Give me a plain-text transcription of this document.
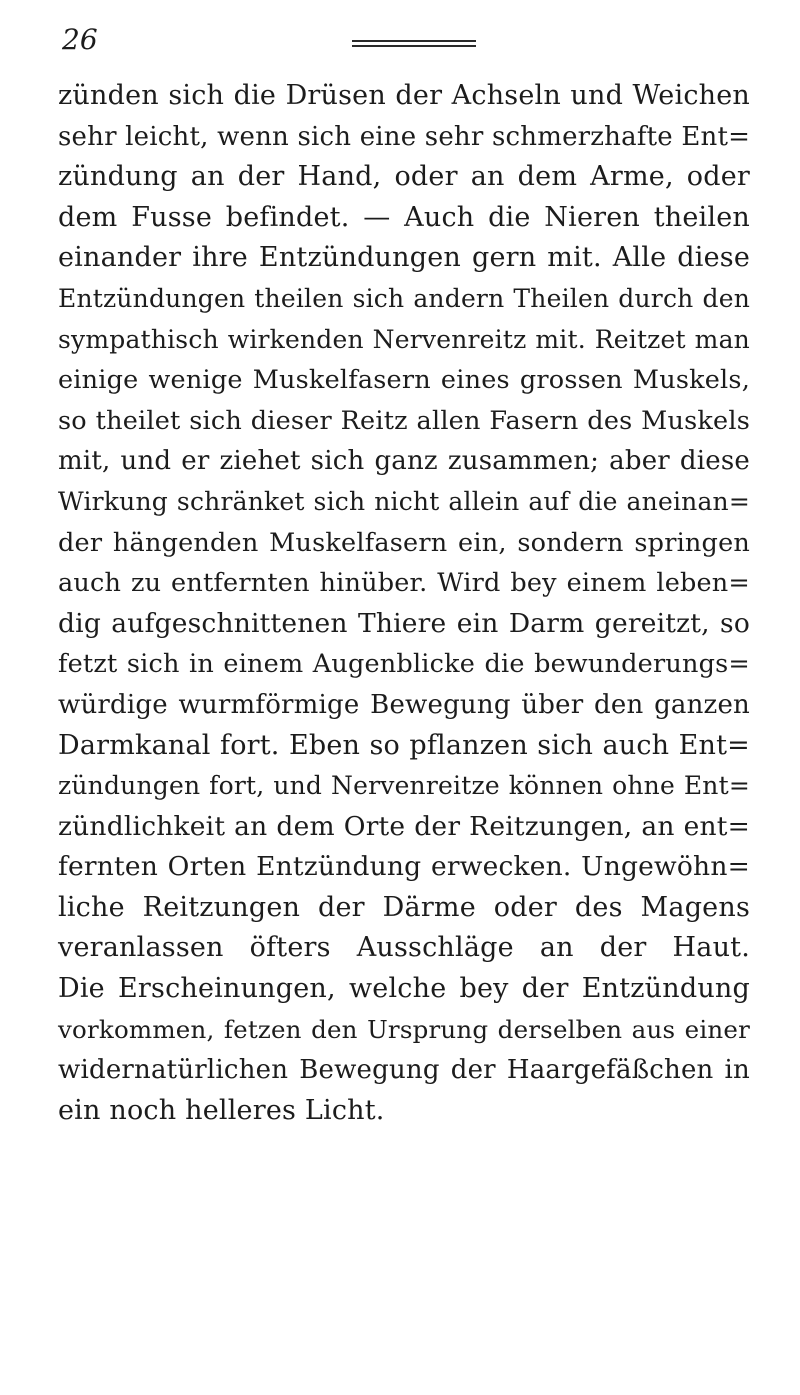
26
zünden sich die Drüsen der Achseln und Weichen
sehr leicht, wenn sich eine sehr schmerzhafte Ent=
zündung an der Hand, oder an dem Arme, oder
dem Fusse befindet. — Auch die Nieren theilen
einander ihre Entzündungen gern mit. Alle diese
Entzündungen theilen sich andern Theilen durch den
sympathisch wirkenden Nervenreitz mit. Reitzet man
einige wenige Muskelfasern eines grossen Muskels,
so theilet sich dieser Reitz allen Fasern des Muskels
mit, und er ziehet sich ganz zusammen; aber diese
Wirkung schränket sich nicht allein auf die aneinan=
der hängenden Muskelfasern ein, sondern springen
auch zu entfernten hinüber. Wird bey einem leben=
dig aufgeschnittenen Thiere ein Darm gereitzt, so
fetzt sich in einem Augenblicke die bewunderungs=
würdige wurmförmige Bewegung über den ganzen
Darmkanal fort. Eben so pflanzen sich auch Ent=
zündungen fort, und Nervenreitze können ohne Ent=
zündlichkeit an dem Orte der Reitzungen, an ent=
fernten Orten Entzündung erwecken. Ungewöhn=
liche Reitzungen der Därme oder des Magens
veranlassen öfters Ausschläge an der Haut.
Die Erscheinungen, welche bey der Entzündung
vorkommen, fetzen den Ursprung derselben aus einer
widernatürlichen Bewegung der Haargefäßchen in
ein noch helleres Licht.
